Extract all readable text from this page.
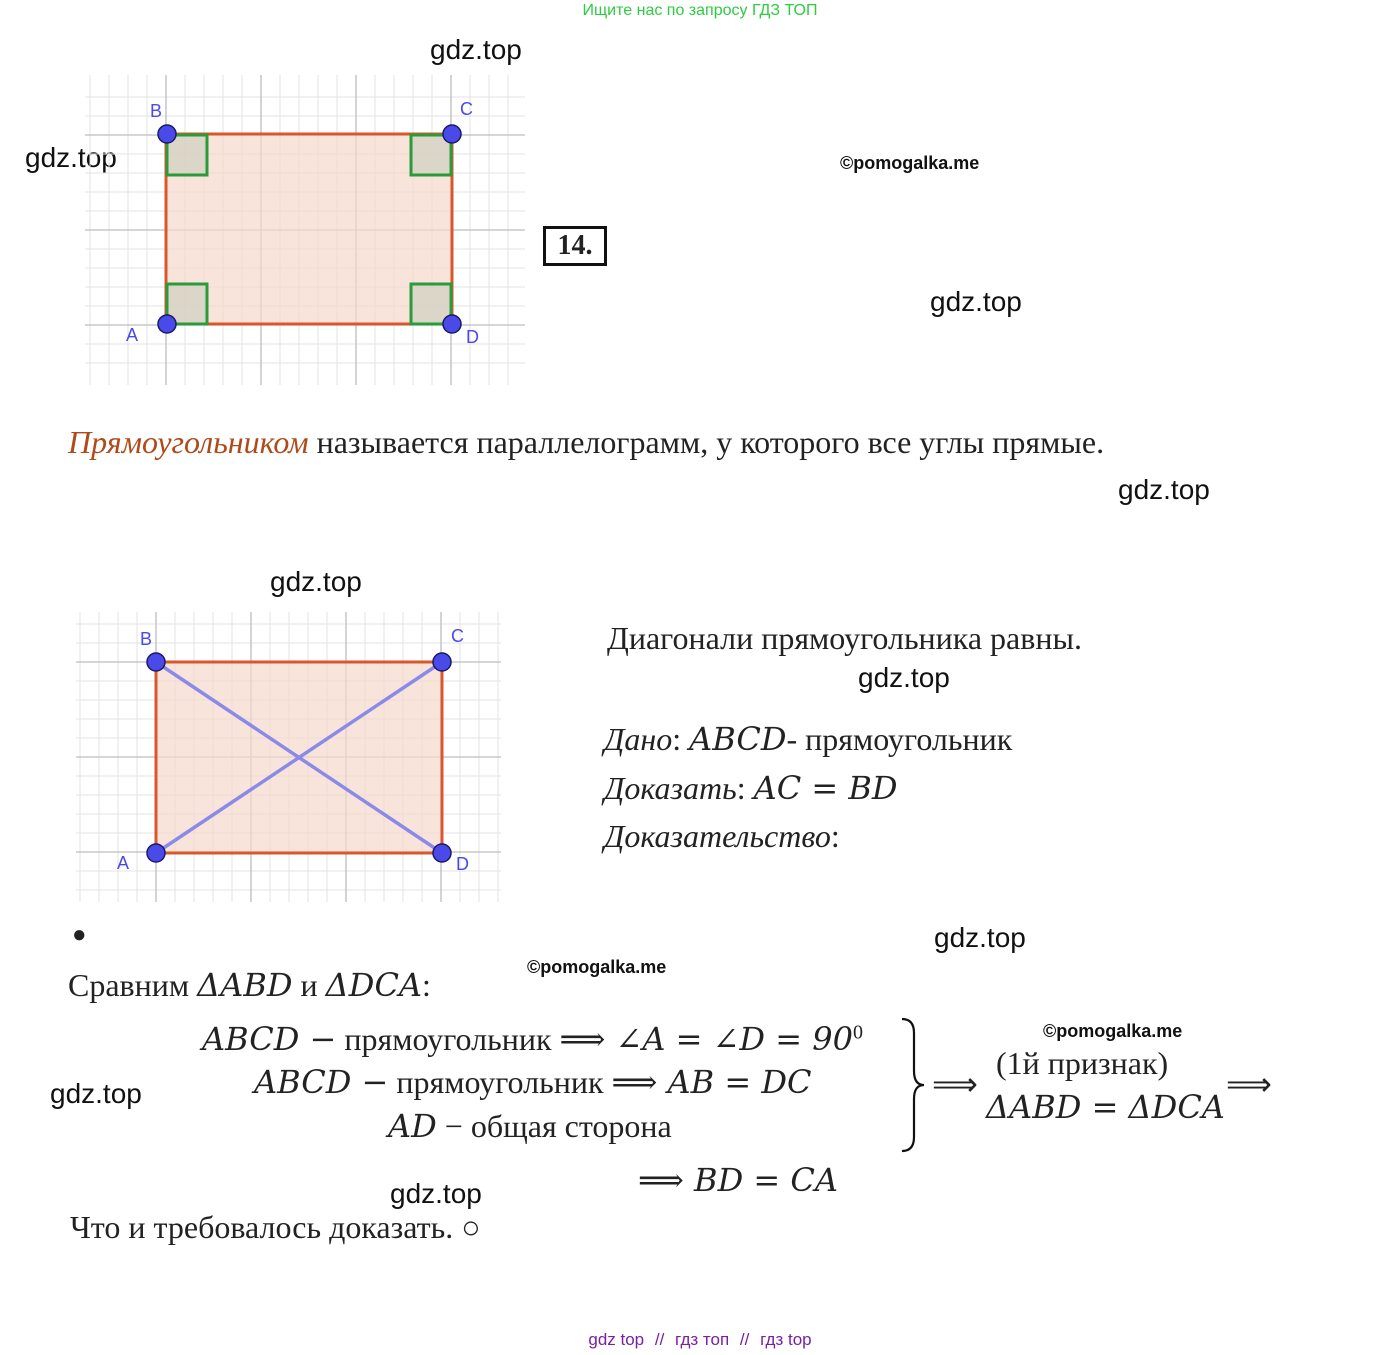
Ищите нас по запросу ГДЗ ТОП
gdz.top
gdz.top
gdz.top
gdz.top
gdz.top
gdz.top
gdz.top
gdz.top
gdz.top
©pomogalka.me
©pomogalka.me
©pomogalka.me
14.
B	C
A	D
Прямоугольником называется параллелограмм, у которого все углы прямые.
B	C
A	D
Диагонали прямоугольника равны.
Дано: ABCD- прямоугольник
Доказать: AC = BD
Доказательство:
●
Сравним ΔABD и ΔDCA:
ABCD − прямоугольник ⟹ ∠A = ∠D = $90^0$
ABCD − прямоугольник ⟹ AB = DC
AD − общая сторона
⟹
(1й признак)
ΔABD = ΔDCA
⟹
⟹ BD = CA
Что и требовалось доказать. ○
gdz top // гдз топ // гдз top
